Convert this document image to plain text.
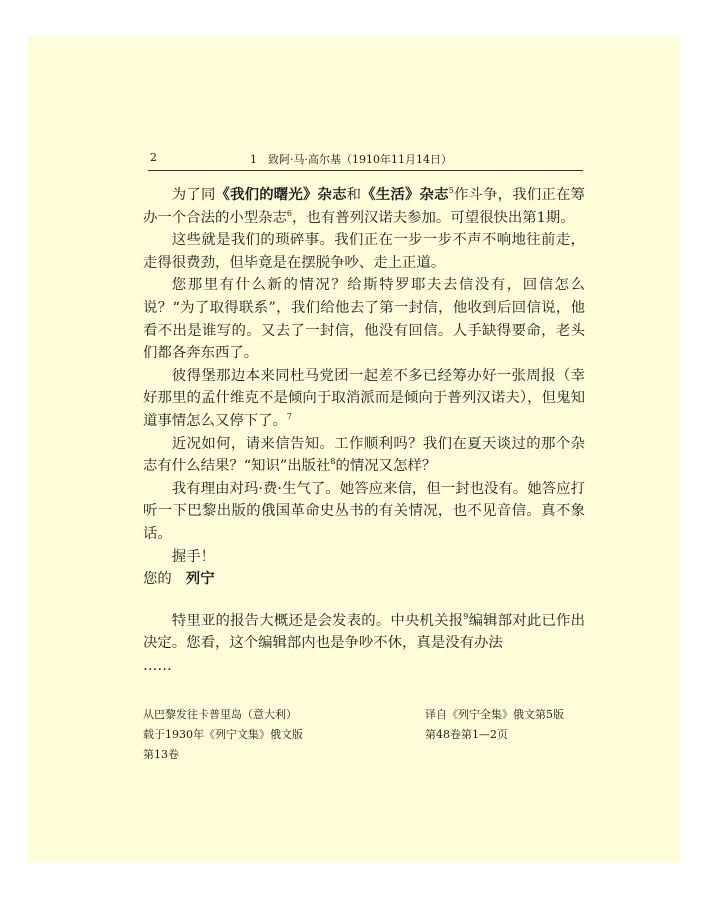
2	1　致阿·马·高尔基（1910年11月14日）

为了同《我们的曙光》杂志和《生活》杂志$^5$作斗争，我们正在筹办一个合法的小型杂志$^6$，也有普列汉诺夫参加。可望很快出第1期。

这些就是我们的琐碎事。我们正在一步一步不声不响地往前走，走得很费劲，但毕竟是在摆脱争吵、走上正道。

您那里有什么新的情况？给斯特罗耶夫去信没有，回信怎么说？“为了取得联系”，我们给他去了第一封信，他收到后回信说，他看不出是谁写的。又去了一封信，他没有回信。人手缺得要命，老头们都各奔东西了。

彼得堡那边本来同杜马党团一起差不多已经筹办好一张周报（幸好那里的孟什维克不是倾向于取消派而是倾向于普列汉诺夫），但鬼知道事情怎么又停下了。$^7$

近况如何，请来信告知。工作顺利吗？我们在夏天谈过的那个杂志有什么结果？“知识”出版社$^8$的情况又怎样？

我有理由对玛·费·生气了。她答应来信，但一封也没有。她答应打听一下巴黎出版的俄国革命史丛书的有关情况，也不见音信。真不象话。

握手！

您的 列宁

特里亚的报告大概还是会发表的。中央机关报$^9$编辑部对此已作出决定。您看，这个编辑部内也是争吵不休，真是没有办法
……

从巴黎发往卡普里岛（意大利）
载于1930年《列宁文集》俄文版
第13卷
译自《列宁全集》俄文第5版
第48卷第1—2页
